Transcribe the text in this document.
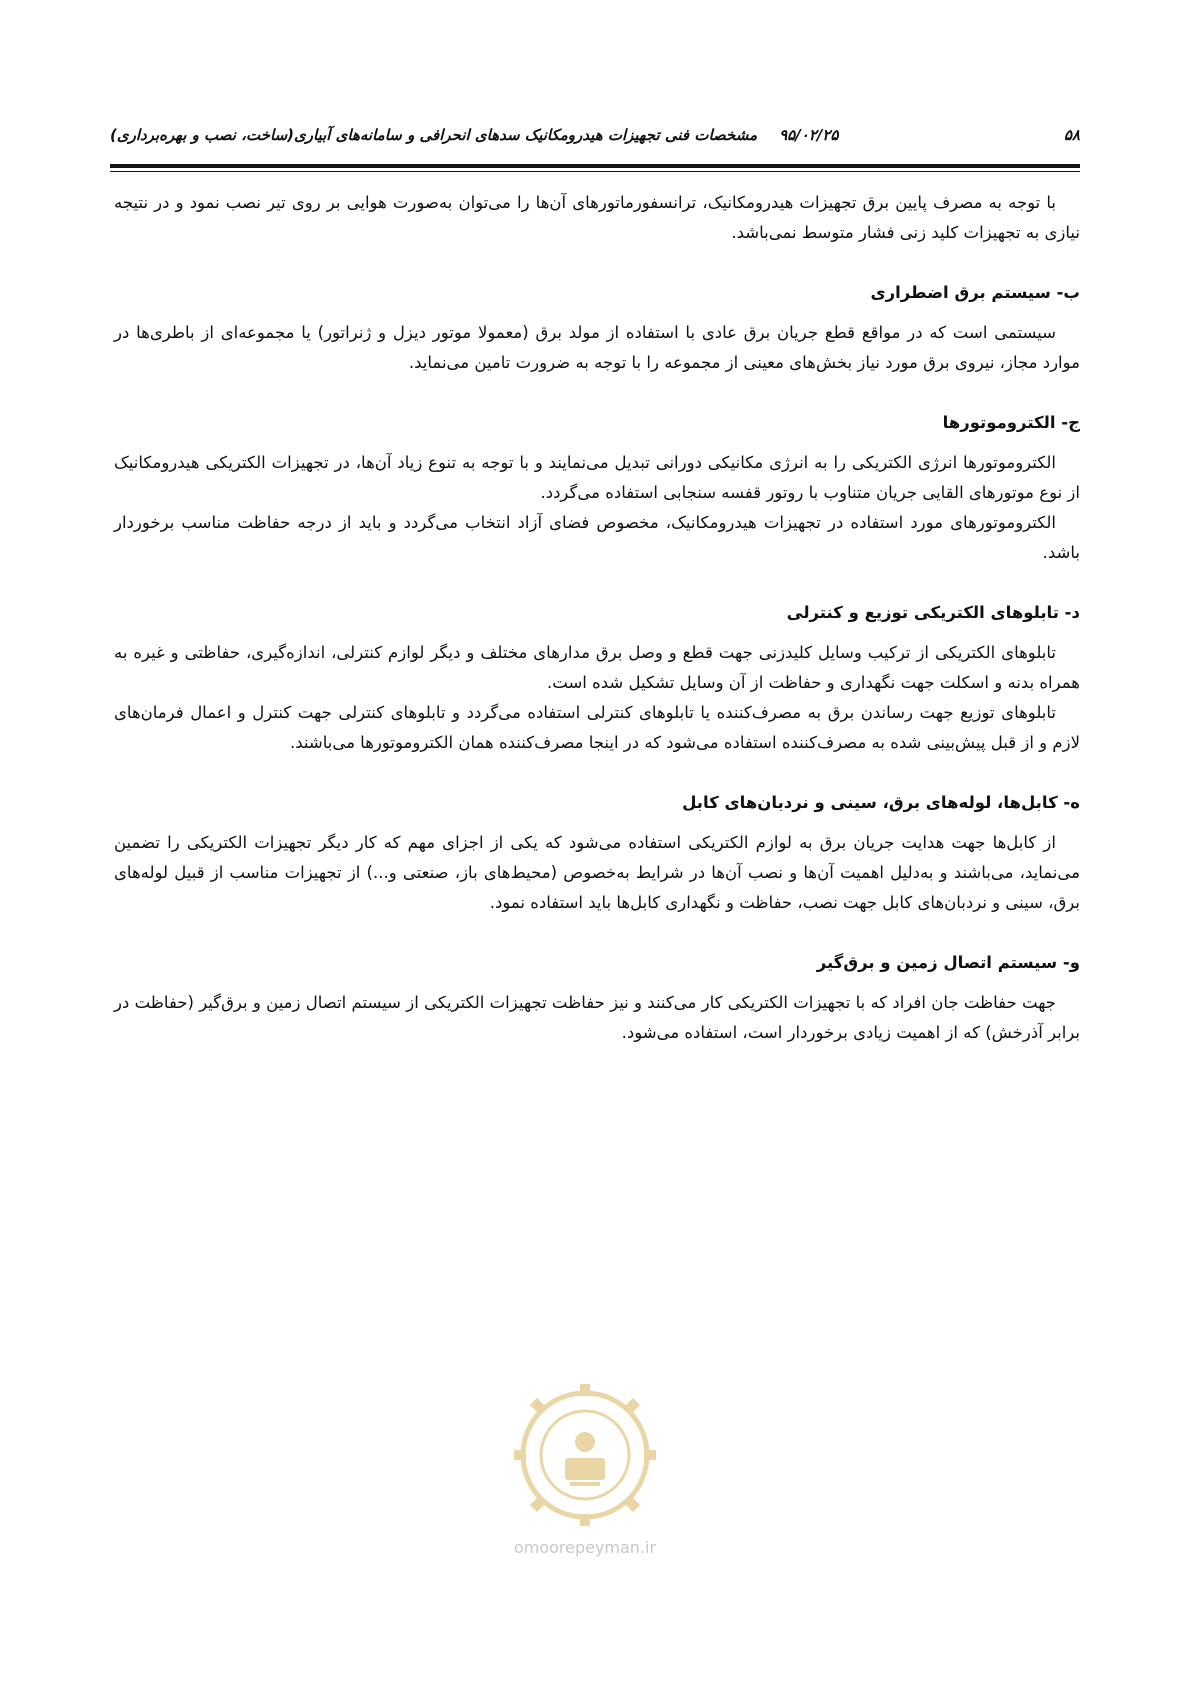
۵۸
۹۵/۰۲/۲۵مشخصات فنی تجهیزات هیدرومکانیک سدهای انحرافی و سامانه‌های آبیاری(ساخت، نصب و بهره‌برداری)

با توجه به مصرف پایین برق تجهیزات هیدرومکانیک، ترانسفورماتورهای آن‌ها را می‌توان به‌صورت هوایی بر روی تیر نصب نمود و در نتیجه نیازی به تجهیزات کلید زنی فشار متوسط نمی‌باشد.

ب- سیستم برق اضطراری

سیستمی است که در مواقع قطع جریان برق عادی با استفاده از مولد برق (معمولا موتور دیزل و ژنراتور) یا مجموعه‌ای از باطری‌ها در موارد مجاز، نیروی برق مورد نیاز بخش‌های معینی از مجموعه را با توجه به ضرورت تامین می‌نماید.

ج- الکتروموتورها

الکتروموتورها انرژی الکتریکی را به انرژی مکانیکی دورانی تبدیل می‌نمایند و با توجه به تنوع زیاد آن‌ها، در تجهیزات الکتریکی هیدرومکانیک از نوع موتورهای القایی جریان متناوب با روتور قفسه سنجابی استفاده می‌گردد.

الکتروموتورهای مورد استفاده در تجهیزات هیدرومکانیک، مخصوص فضای آزاد انتخاب می‌گردد و باید از درجه حفاظت مناسب برخوردار باشد.

د- تابلوهای الکتریکی توزیع و کنترلی

تابلوهای الکتریکی از ترکیب وسایل کلیدزنی جهت قطع و وصل برق مدارهای مختلف و دیگر لوازم کنترلی، اندازه‌گیری، حفاظتی و غیره به همراه بدنه و اسکلت جهت نگهداری و حفاظت از آن وسایل تشکیل شده است.

تابلوهای توزیع جهت رساندن برق به مصرف‌کننده یا تابلوهای کنترلی استفاده می‌گردد و تابلوهای کنترلی جهت کنترل و اعمال فرمان‌های لازم و از قبل پیش‌بینی شده به مصرف‌کننده استفاده می‌شود که در اینجا مصرف‌کننده همان الکتروموتورها می‌باشند.

ه- کابل‌ها، لوله‌های برق، سینی و نردبان‌های کابل

از کابل‌ها جهت هدایت جریان برق به لوازم الکتریکی استفاده می‌شود که یکی از اجزای مهم که کار دیگر تجهیزات الکتریکی را تضمین می‌نماید، می‌باشند و به‌دلیل اهمیت آن‌ها و نصب آن‌ها در شرایط به‌خصوص (محیط‌های باز، صنعتی و...) از تجهیزات مناسب از قبیل لوله‌های برق، سینی و نردبان‌های کابل جهت نصب، حفاظت و نگهداری کابل‌ها باید استفاده نمود.

و- سیستم اتصال زمین و برق‌گیر

جهت حفاظت جان افراد که با تجهیزات الکتریکی کار می‌کنند و نیز حفاظت تجهیزات الکتریکی از سیستم اتصال زمین و برق‌گیر (حفاظت در برابر آذرخش) که از اهمیت زیادی برخوردار است، استفاده می‌شود.

omoorepeyman.ir
